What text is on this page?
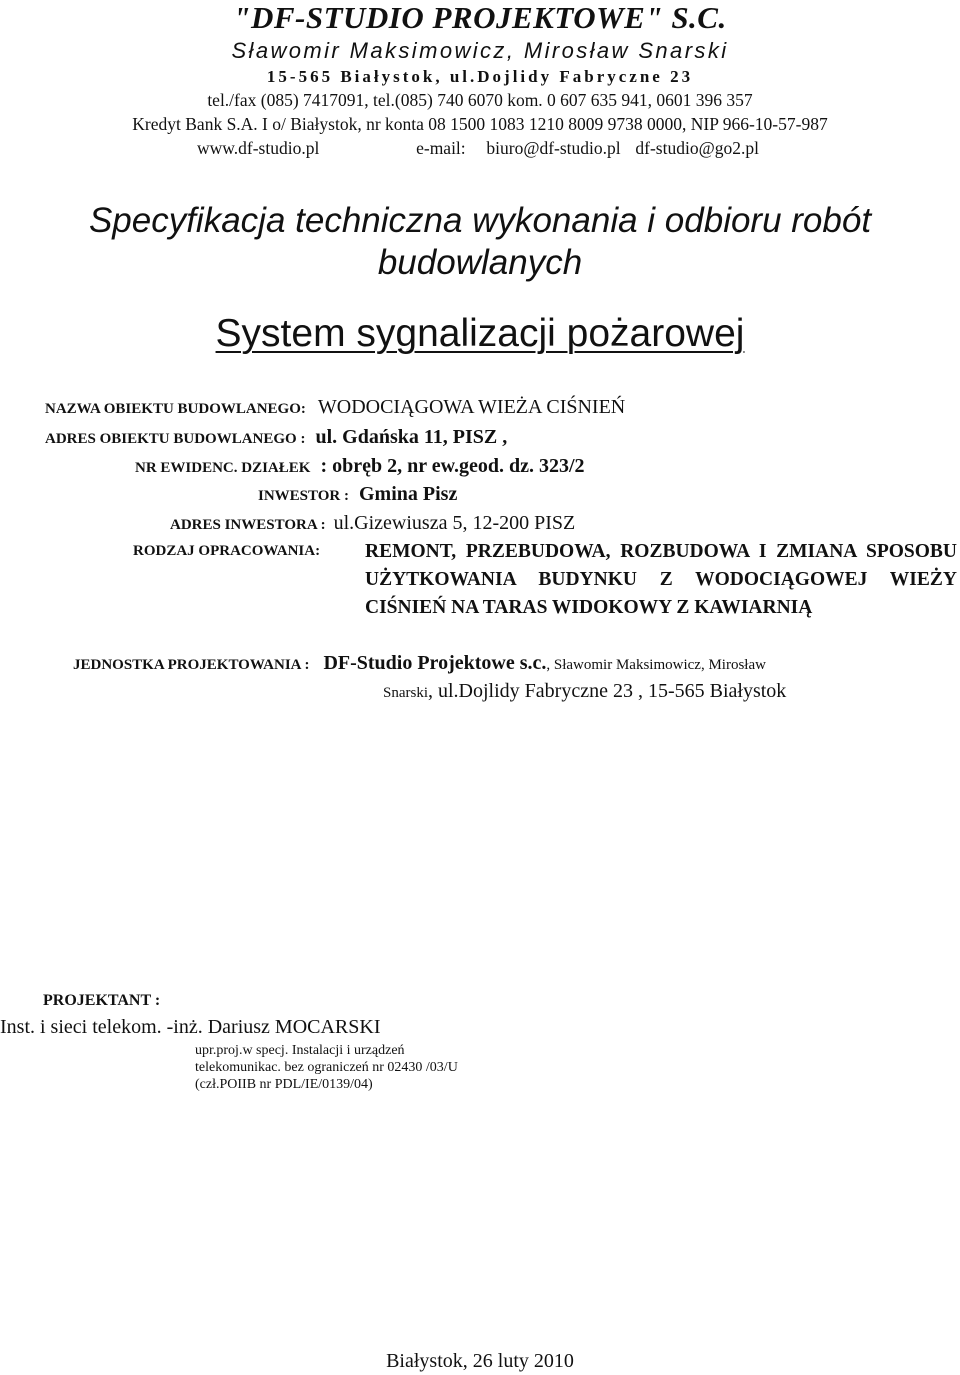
"DF-STUDIO PROJEKTOWE" S.C.
Sławomir Maksimowicz, Mirosław Snarski
15-565 Białystok, ul.Dojlidy Fabryczne 23
tel./fax (085) 7417091, tel.(085) 740 6070 kom. 0 607 635 941, 0601 396 357
Kredyt Bank S.A. I o/ Białystok, nr konta 08 1500 1083 1210 8009 9738 0000, NIP 966-10-57-987
www.df-studio.pl	e-mail: biuro@df-studio.pl df-studio@go2.pl
Specyfikacja techniczna wykonania i odbioru robót
budowlanych
System sygnalizacji pożarowej
NAZWA OBIEKTU BUDOWLANEGO: WODOCIĄGOWA WIEŻA CIŚNIEŃ
ADRES OBIEKTU BUDOWLANEGO : ul. Gdańska 11, PISZ ,
NR EWIDENC. DZIAŁEK : obręb 2, nr ew.geod. dz. 323/2
INWESTOR : Gmina Pisz
ADRES INWESTORA : ul.Gizewiusza 5, 12-200 PISZ
RODZAJ OPRACOWANIA: REMONT, PRZEBUDOWA, ROZBUDOWA I ZMIANA SPOSOBU UŻYTKOWANIA BUDYNKU Z WODOCIĄGOWEJ WIEŻY CIŚNIEŃ NA TARAS WIDOKOWY Z KAWIARNIĄ
JEDNOSTKA PROJEKTOWANIA : DF-Studio Projektowe s.c., Sławomir Maksimowicz, Mirosław
Snarski, ul.Dojlidy Fabryczne 23 , 15-565 Białystok
PROJEKTANT :
Inst. i sieci telekom. -inż. Dariusz MOCARSKI
upr.proj.w specj. Instalacji i urządzeń
telekomunikac. bez ograniczeń nr 02430 /03/U
(czł.POIIB nr PDL/IE/0139/04)
Białystok, 26 luty 2010
